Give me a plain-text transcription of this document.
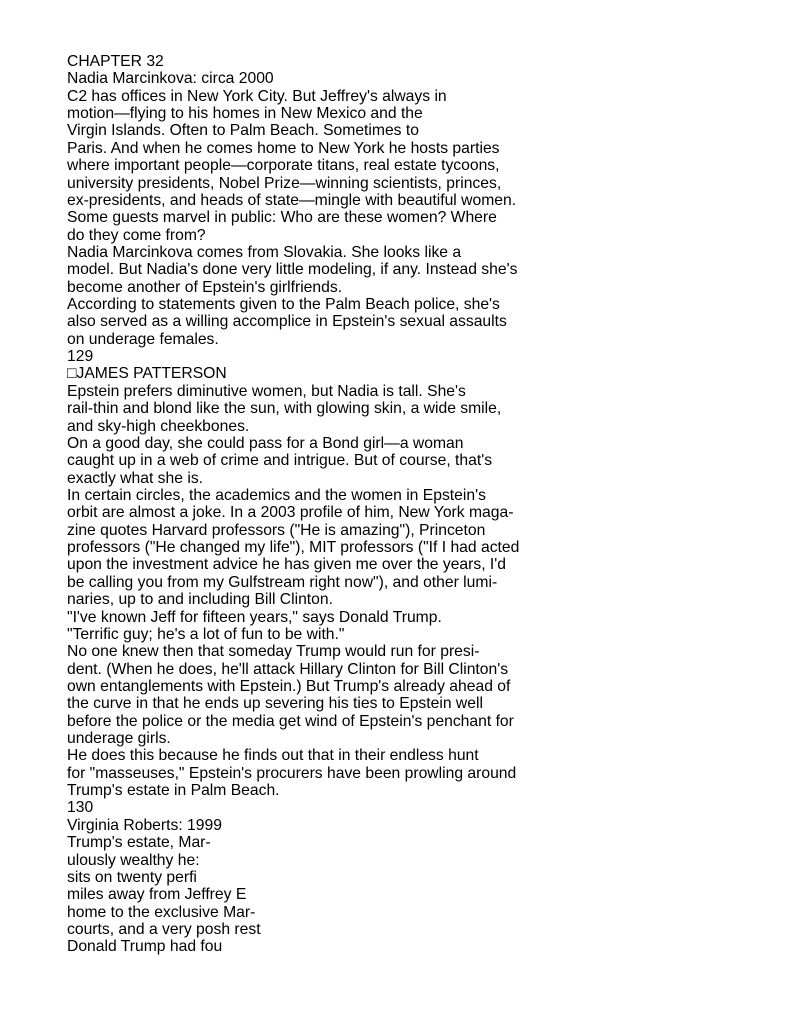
CHAPTER 32
Nadia Marcinkova: circa 2000
C2 has offices in New York City. But Jeffrey's always in
motion—flying to his homes in New Mexico and the
Virgin Islands. Often to Palm Beach. Sometimes to
Paris. And when he comes home to New York he hosts parties
where important people—corporate titans, real estate tycoons,
university presidents, Nobel Prize—winning scientists, princes,
ex-presidents, and heads of state—mingle with beautiful women.
Some guests marvel in public: Who are these women? Where
do they come from?
Nadia Marcinkova comes from Slovakia. She looks like a
model. But Nadia's done very little modeling, if any. Instead she's
become another of Epstein's girlfriends.
According to statements given to the Palm Beach police, she's
also served as a willing accomplice in Epstein's sexual assaults
on underage females.
129
□JAMES PATTERSON
Epstein prefers diminutive women, but Nadia is tall. She's
rail-thin and blond like the sun, with glowing skin, a wide smile,
and sky-high cheekbones.
On a good day, she could pass for a Bond girl—a woman
caught up in a web of crime and intrigue. But of course, that's
exactly what she is.
In certain circles, the academics and the women in Epstein's
orbit are almost a joke. In a 2003 profile of him, New York maga-
zine quotes Harvard professors ("He is amazing"), Princeton
professors ("He changed my life"), MIT professors ("If I had acted
upon the investment advice he has given me over the years, I'd
be calling you from my Gulfstream right now"), and other lumi-
naries, up to and including Bill Clinton.
"I've known Jeff for fifteen years," says Donald Trump.
"Terrific guy; he's a lot of fun to be with."
No one knew then that someday Trump would run for presi-
dent. (When he does, he'll attack Hillary Clinton for Bill Clinton's
own entanglements with Epstein.) But Trump's already ahead of
the curve in that he ends up severing his ties to Epstein well
before the police or the media get wind of Epstein's penchant for
underage girls.
He does this because he finds out that in their endless hunt
for "masseuses," Epstein's procurers have been prowling around
Trump's estate in Palm Beach.
130
Virginia Roberts: 1999
Trump's estate, Mar-
ulously wealthy he:
sits on twenty perfi
miles away from Jeffrey E
home to the exclusive Mar-
courts, and a very posh rest
Donald Trump had fou
